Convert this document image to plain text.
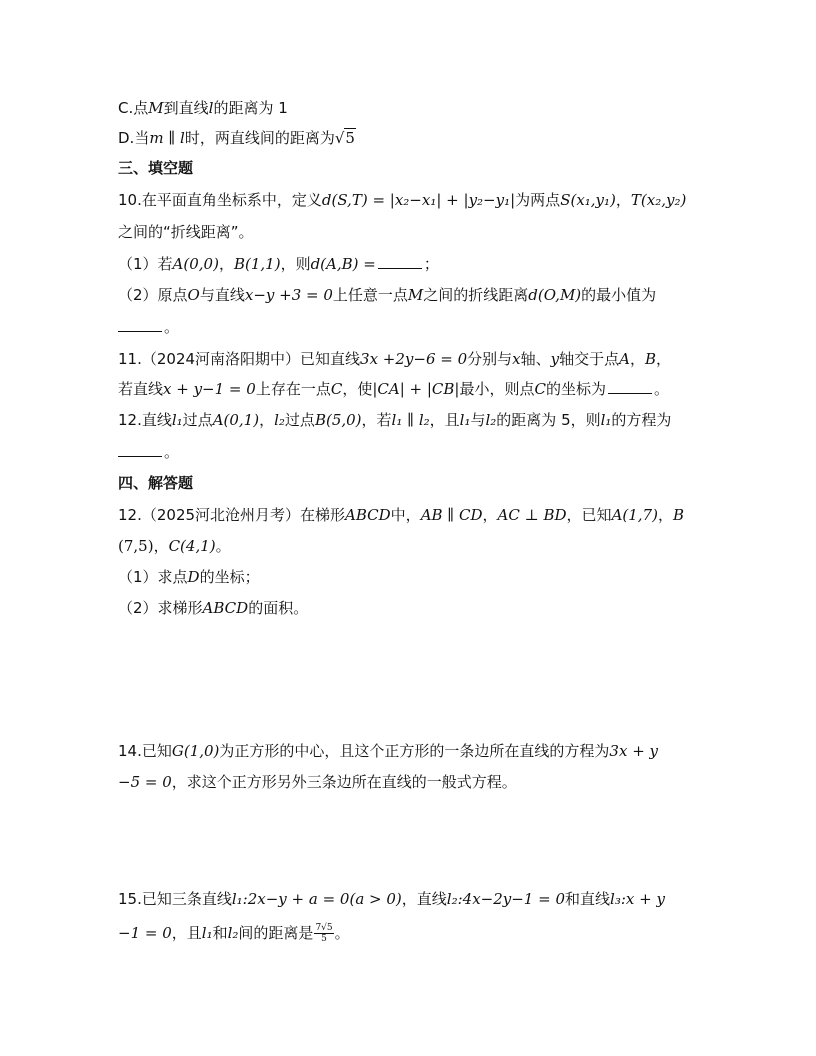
C.点M到直线l的距离为 1
D.当m ∥ l时，两直线间的距离为√5
三、填空题
10.在平面直角坐标系中，定义d(S,T) = |x₂−x₁| + |y₂−y₁|为两点S(x₁,y₁)，T(x₂,y₂)
之间的“折线距离”。
（1）若A(0,0)，B(1,1)，则d(A,B) =	；
（2）原点O与直线x−y +3 = 0上任意一点M之间的折线距离d(O,M)的最小值为
。
11.（2024河南洛阳期中）已知直线3x +2y−6 = 0分别与x轴、y轴交于点A，B，
若直线x + y−1 = 0上存在一点C，使|CA| + |CB|最小，则点C的坐标为	。
12.直线l₁过点A(0,1)，l₂过点B(5,0)，若l₁ ∥ l₂，且l₁与l₂的距离为 5，则l₁的方程为
。
四、解答题
12.（2025河北沧州月考）在梯形ABCD中，AB ∥ CD，AC ⊥ BD，已知A(1,7)，B
(7,5)，C(4,1)。
（1）求点D的坐标；
（2）求梯形ABCD的面积。
14.已知G(1,0)为正方形的中心，且这个正方形的一条边所在直线的方程为3x + y
−5 = 0，求这个正方形另外三条边所在直线的一般式方程。
15.已知三条直线l₁:2x−y + a = 0(a > 0)，直线l₂:4x−2y−1 = 0和直线l₃:x + y
−1 = 0，且l₁和l₂间的距离是 $\frac{7√5}{5}$ 。
